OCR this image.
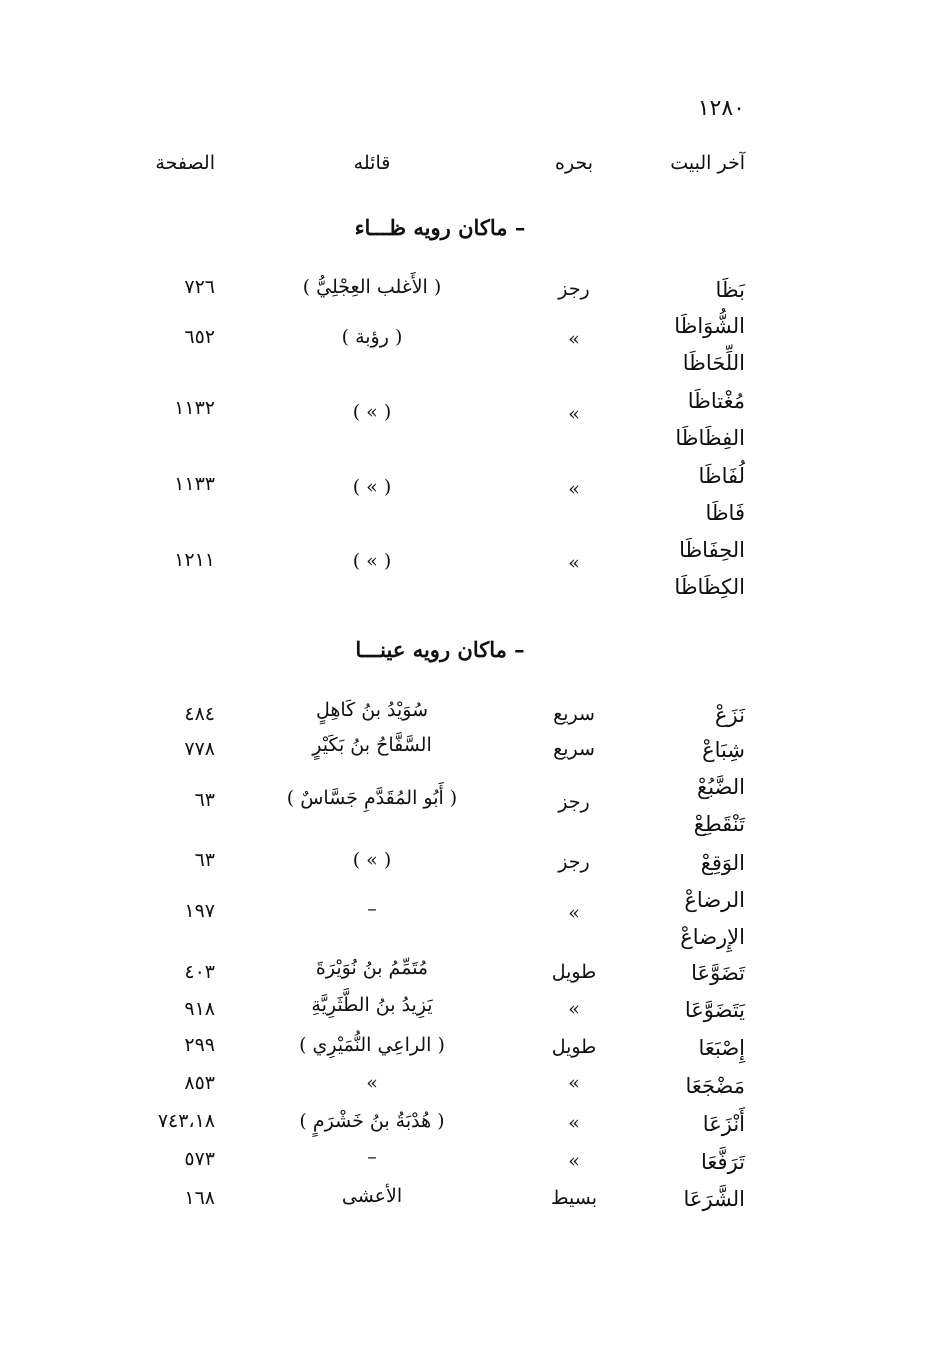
١٢٨٠
آخر البيت
بحره
قائله
الصفحة
– ماكان رويه ظـــاء
بَظَا
رجز
( الأَغلب العِجْلِيُّ )
٧٢٦
الشُّوَاظَا
اللِّحَاظَا
»
( رؤبة )
٦٥٢
مُغْتاظَا
الفِظَاظَا
»
( » )
١١٣٢
لُفَاظَا
فَاظَا
»
( » )
١١٣٣
الحِفَاظَا
الكِظَاظَا
»
( » )
١٢١١
– ماكان رويه عينـــا
نَزَعْ
سريع
سُوَيْدُ بنُ كَاهِلٍ
٤٨٤
شِبَاعْ
سريع
السَّفَّاحُ بنُ بَكَيْرٍ
٧٧٨
الضَّبُعْ
تَنْقَطِعْ
رجز
( أَبُو المُقَدَّمِ جَسَّاسٌ )
٦٣
الوَقِعْ
رجز
( » )
٦٣
الرضاعْ
الإِرضاعْ
»
–
١٩٧
تَضَوَّعَا
طويل
مُتَمِّمُ بنُ نُوَيْرَةَ
٤٠٣
يَتَضَوَّعَا
»
يَزِيدُ بنُ الطَّثَرِيَّةِ
٩١٨
إِصْبَعَا
طويل
( الراعِي النُّمَيْرِي )
٢٩٩
مَضْجَعَا
»
»
٨٥٣
أَنْزَعَا
»
( هُدْبَةُ بنُ خَشْرَمٍ )
٧٤٣،١٨
تَرَفَّعَا
»
–
٥٧٣
الشَّرَعَا
بسيط
الأعشى
١٦٨
